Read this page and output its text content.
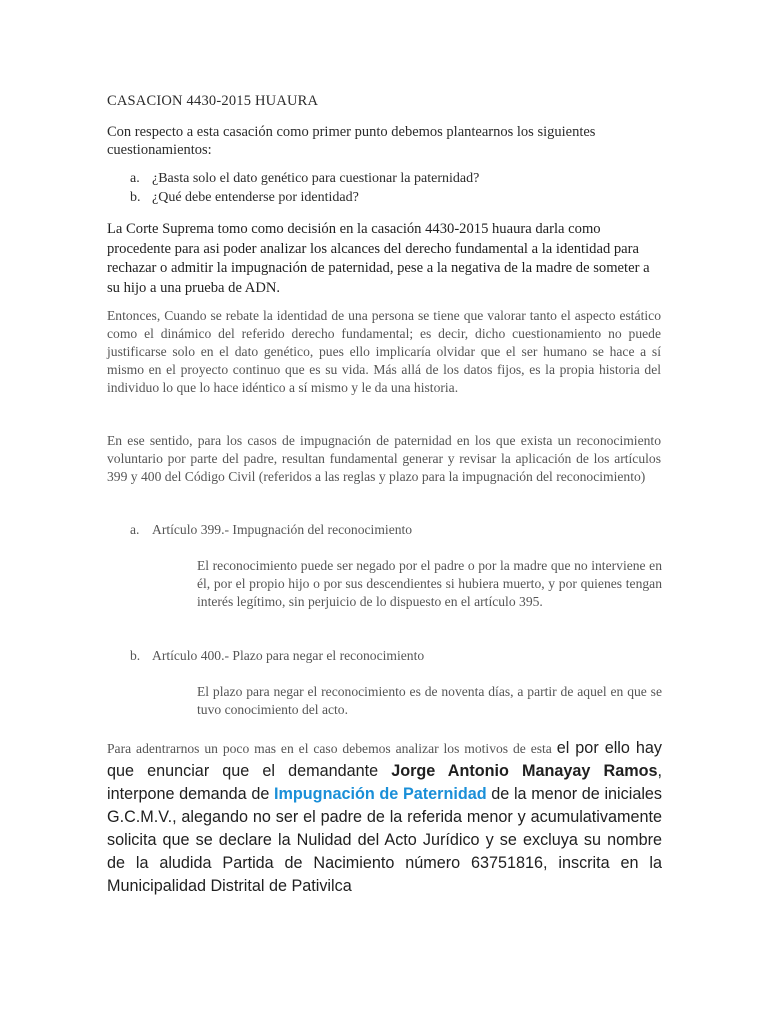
CASACION 4430-2015 HUAURA
Con respecto a esta casación como primer punto debemos plantearnos los siguientes cuestionamientos:
a. ¿Basta solo el dato genético para cuestionar la paternidad?
b. ¿Qué debe entenderse por identidad?
La Corte Suprema tomo como decisión en la casación 4430-2015 huaura darla como procedente para asi poder analizar los alcances del derecho fundamental a la identidad para rechazar o admitir la impugnación de paternidad, pese a la negativa de la madre de someter a su hijo a una prueba de ADN.
Entonces, Cuando se rebate la identidad de una persona se tiene que valorar tanto el aspecto estático como el dinámico del referido derecho fundamental; es decir, dicho cuestionamiento no puede justificarse solo en el dato genético, pues ello implicaría olvidar que el ser humano se hace a sí mismo en el proyecto continuo que es su vida. Más allá de los datos fijos, es la propia historia del individuo lo que lo hace idéntico a sí mismo y le da una historia.
En ese sentido, para los casos de impugnación de paternidad en los que exista un reconocimiento voluntario por parte del padre, resultan fundamental generar y revisar la aplicación de los artículos 399 y 400 del Código Civil (referidos a las reglas y plazo para la impugnación del reconocimiento)
a. Artículo 399.- Impugnación del reconocimiento
El reconocimiento puede ser negado por el padre o por la madre que no interviene en él, por el propio hijo o por sus descendientes si hubiera muerto, y por quienes tengan interés legítimo, sin perjuicio de lo dispuesto en el artículo 395.
b. Artículo 400.- Plazo para negar el reconocimiento
El plazo para negar el reconocimiento es de noventa días, a partir de aquel en que se tuvo conocimiento del acto.
Para adentrarnos un poco mas en el caso debemos analizar los motivos de esta el por ello hay que enunciar que el demandante Jorge Antonio Manayay Ramos, interpone demanda de Impugnación de Paternidad de la menor de iniciales G.C.M.V., alegando no ser el padre de la referida menor y acumulativamente solicita que se declare la Nulidad del Acto Jurídico y se excluya su nombre de la aludida Partida de Nacimiento número 63751816, inscrita en la Municipalidad Distrital de Pativilca
